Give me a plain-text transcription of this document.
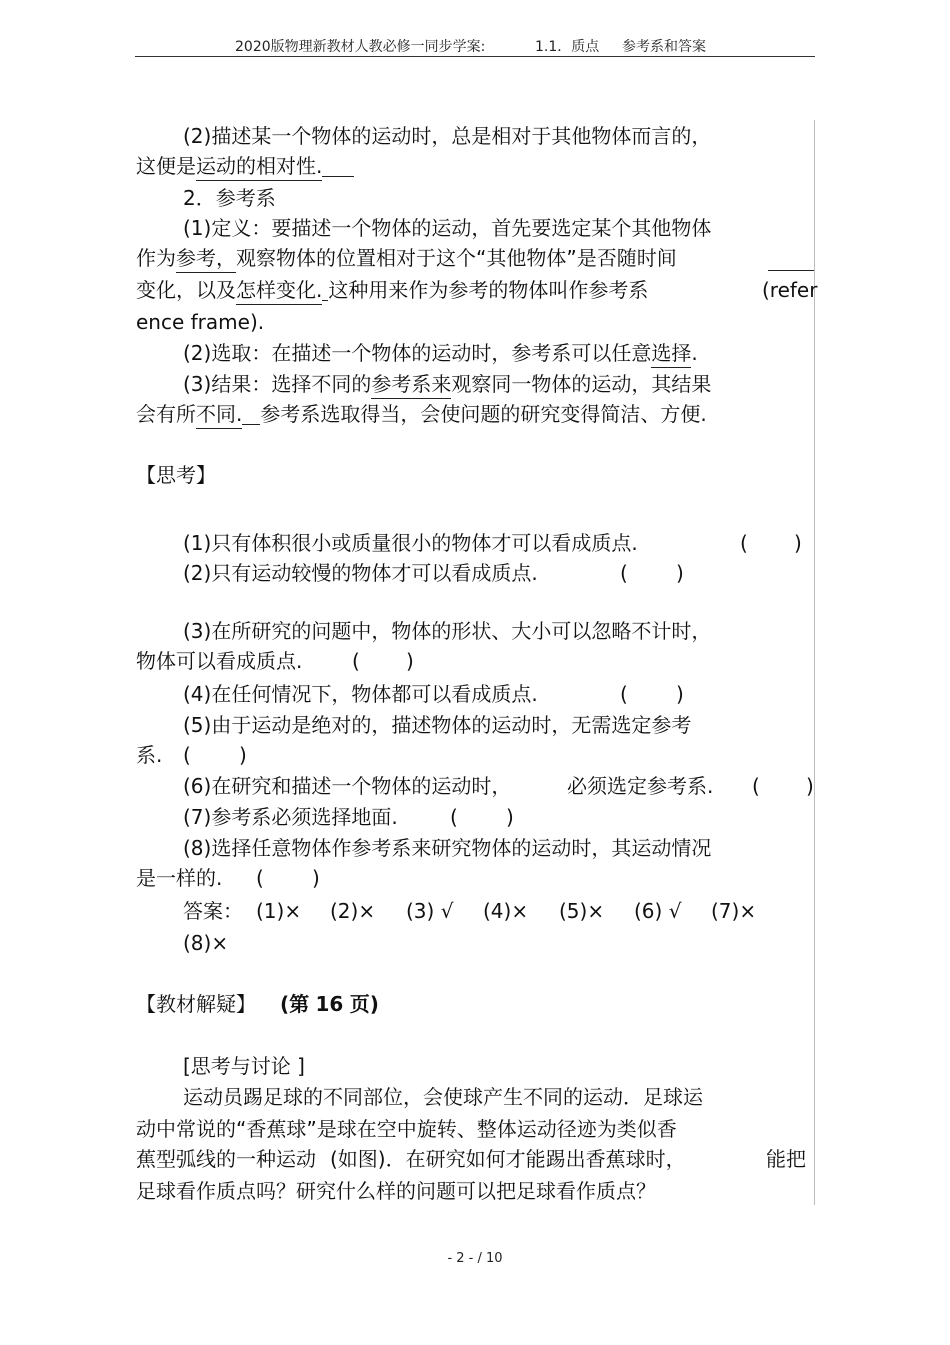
2020版物理新教材人教必修一同步学案:	1.1．质点 参考系和答案
(2)描述某一个物体的运动时，总是相对于其他物体而言的，
这便是运动的相对性.
2．参考系
(1)定义：要描述一个物体的运动，首先要选定某个其他物体
作为参考，观察物体的位置相对于这个“其他物体”是否随时间
变化，以及怎样变化. 这种用来作为参考的物体叫作参考系	(refer
ence frame).
(2)选取：在描述一个物体的运动时，参考系可以任意选择.
(3)结果：选择不同的参考系来观察同一物体的运动，其结果
会有所不同. 参考系选取得当，会使问题的研究变得简洁、方便.
【思考】
(1)只有体积很小或质量很小的物体才可以看成质点.	( )
(2)只有运动较慢的物体才可以看成质点.	( )
(3)在所研究的问题中，物体的形状、大小可以忽略不计时，
物体可以看成质点. ( )
(4)在任何情况下，物体都可以看成质点.	( )
(5)由于运动是绝对的，描述物体的运动时，无需选定参考
系. ( )
(6)在研究和描述一个物体的运动时，	必须选定参考系. ( )
(7)参考系必须选择地面.	( )
(8)选择任意物体作参考系来研究物体的运动时，其运动情况
是一样的. ( )
答案： (1)× (2)× (3) √ (4)× (5)× (6) √ (7)×
(8)×
【教材解疑】 (第 16 页)
[思考与讨论 ]
运动员踢足球的不同部位，会使球产生不同的运动．足球运
动中常说的“香蕉球”是球在空中旋转、整体运动径迹为类似香
蕉型弧线的一种运动 (如图)．在研究如何才能踢出香蕉球时，	能把
足球看作质点吗？研究什么样的问题可以把足球看作质点？
- 2 - / 10
